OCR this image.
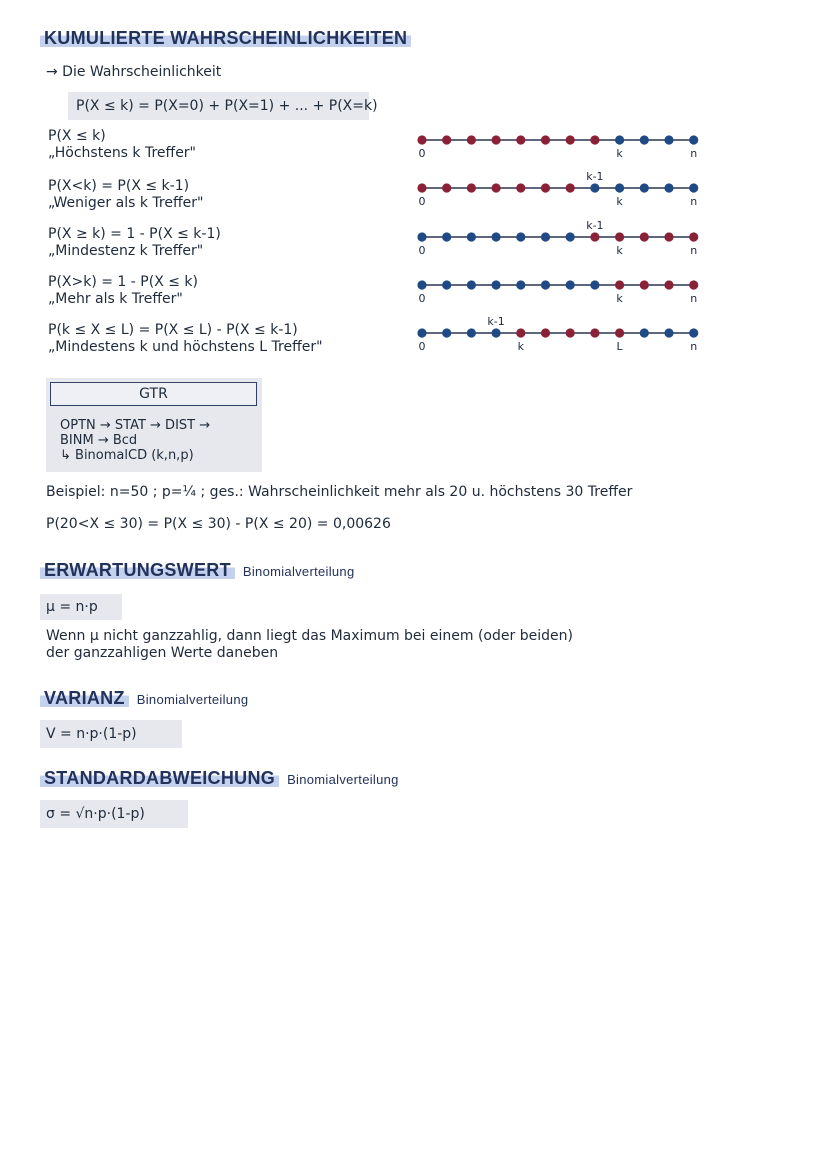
KUMULIERTE WAHRSCHEINLICHKEITEN
→ Die Wahrscheinlichkeit
P(X ≤ k) = P(X=0) + P(X=1) + ... + P(X=k)
P(X ≤ k)
„Höchstens k Treffer"
P(X<k) = P(X ≤ k-1)
„Weniger als k Treffer"
P(X ≥ k) = 1 - P(X ≤ k-1)
„Mindestenz k Treffer"
P(X>k) = 1 - P(X ≤ k)
„Mehr als k Treffer"
P(k ≤ X ≤ L) = P(X ≤ L) - P(X ≤ k-1)
„Mindestens k und höchstens L Treffer"
0	n
k
0	n
k
k-1
0	n
k
k-1
0	n
k
0	n
k
k-1
L
GTR
OPTN → STAT → DIST →
BINM → Bcd
↳ BinomalCD (k,n,p)
Beispiel: n=50 ; p=¼ ; ges.: Wahrscheinlichkeit mehr als 20 u. höchstens 30 Treffer
P(20<X ≤ 30) = P(X ≤ 30) - P(X ≤ 20) = 0,00626
ERWARTUNGSWERT Binomialverteilung
μ = n·p
Wenn μ nicht ganzzahlig, dann liegt das Maximum bei einem (oder beiden)
der ganzzahligen Werte daneben
VARIANZ Binomialverteilung
V = n·p·(1-p)
STANDARDABWEICHUNG Binomialverteilung
σ = √n·p·(1-p)
